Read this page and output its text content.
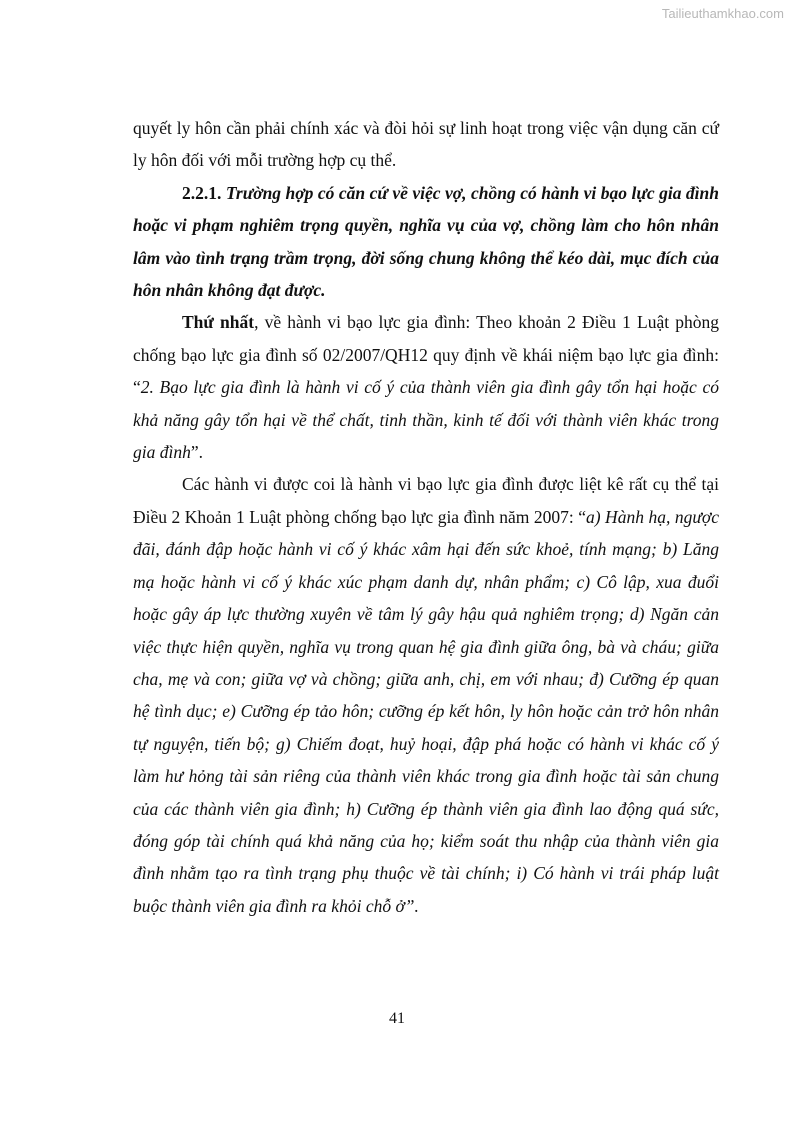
Tailieuthamkhao.com

quyết ly hôn cần phải chính xác và đòi hỏi sự linh hoạt trong việc vận dụng căn cứ ly hôn đối với mỗi trường hợp cụ thể.

2.2.1. Trường hợp có căn cứ về việc vợ, chồng có hành vi bạo lực gia đình hoặc vi phạm nghiêm trọng quyền, nghĩa vụ của vợ, chồng làm cho hôn nhân lâm vào tình trạng trầm trọng, đời sống chung không thể kéo dài, mục đích của hôn nhân không đạt được.

Thứ nhất, về hành vi bạo lực gia đình: Theo khoản 2 Điều 1 Luật phòng chống bạo lực gia đình số 02/2007/QH12 quy định về khái niệm bạo lực gia đình: “2. Bạo lực gia đình là hành vi cố ý của thành viên gia đình gây tổn hại hoặc có khả năng gây tổn hại về thể chất, tinh thần, kinh tế đối với thành viên khác trong gia đình”.

Các hành vi được coi là hành vi bạo lực gia đình được liệt kê rất cụ thể tại Điều 2 Khoản 1 Luật phòng chống bạo lực gia đình năm 2007: “a) Hành hạ, ngược đãi, đánh đập hoặc hành vi cố ý khác xâm hại đến sức khoẻ, tính mạng; b) Lăng mạ hoặc hành vi cố ý khác xúc phạm danh dự, nhân phẩm; c) Cô lập, xua đuổi hoặc gây áp lực thường xuyên về tâm lý gây hậu quả nghiêm trọng; d) Ngăn cản việc thực hiện quyền, nghĩa vụ trong quan hệ gia đình giữa ông, bà và cháu; giữa cha, mẹ và con; giữa vợ và chồng; giữa anh, chị, em với nhau; đ) Cưỡng ép quan hệ tình dục; e) Cưỡng ép tảo hôn; cưỡng ép kết hôn, ly hôn hoặc cản trở hôn nhân tự nguyện, tiến bộ; g) Chiếm đoạt, huỷ hoại, đập phá hoặc có hành vi khác cố ý làm hư hỏng tài sản riêng của thành viên khác trong gia đình hoặc tài sản chung của các thành viên gia đình; h) Cưỡng ép thành viên gia đình lao động quá sức, đóng góp tài chính quá khả năng của họ; kiểm soát thu nhập của thành viên gia đình nhằm tạo ra tình trạng phụ thuộc về tài chính; i) Có hành vi trái pháp luật buộc thành viên gia đình ra khỏi chỗ ở”.

41
